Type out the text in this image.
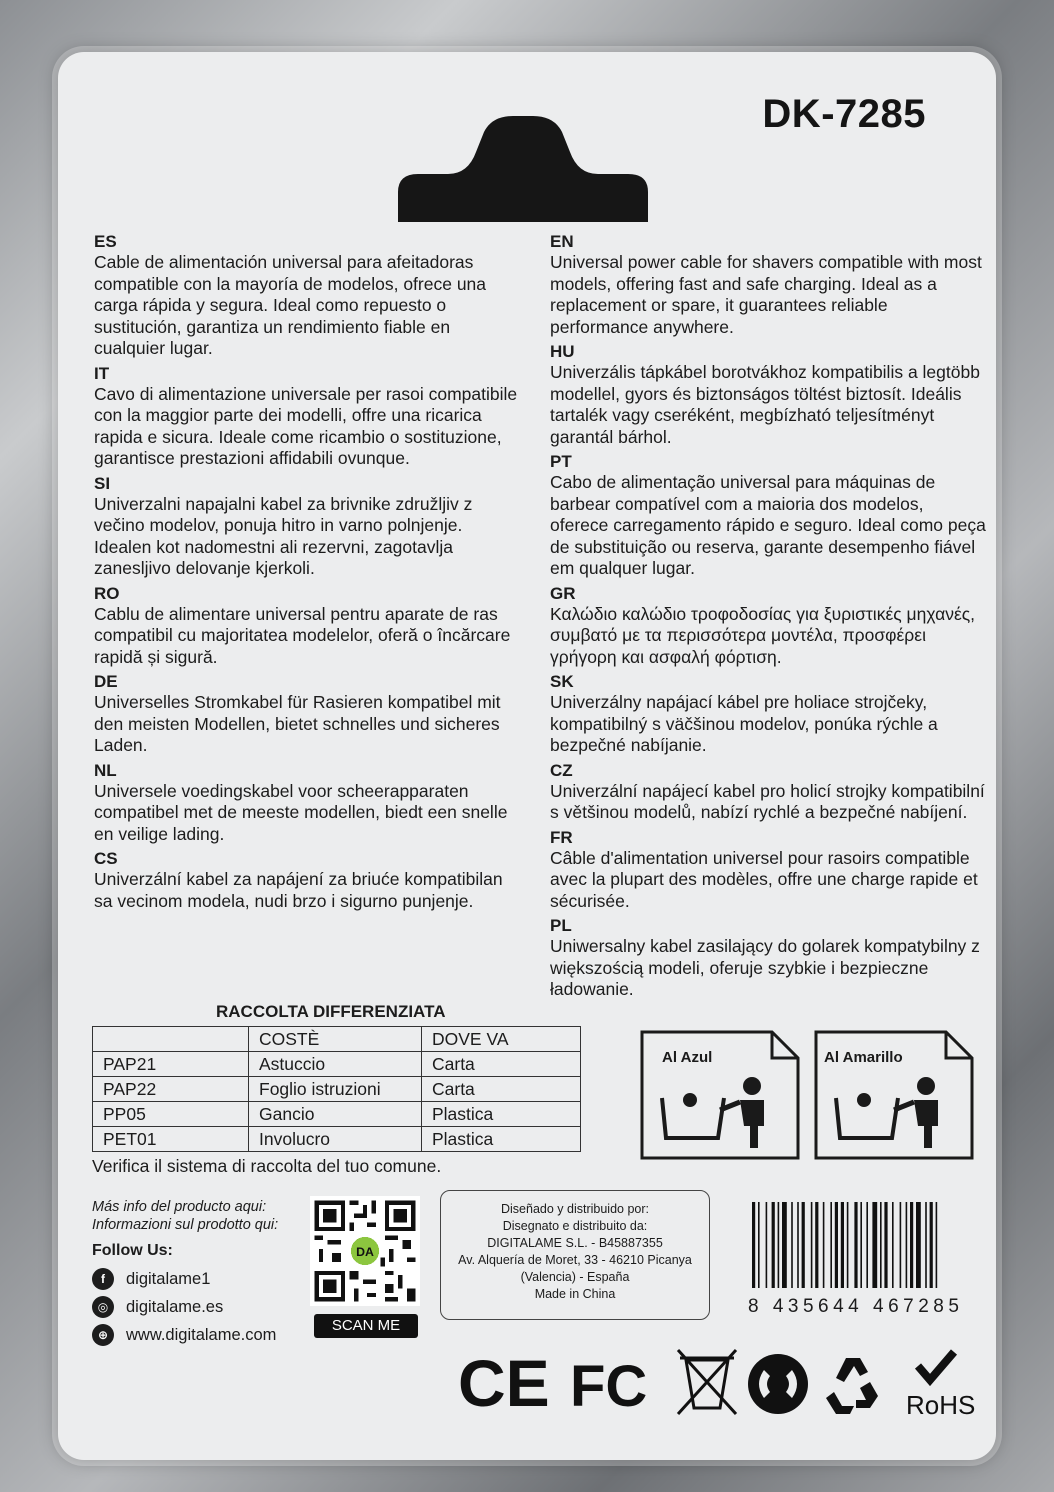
DK-7285
ES
Cable de alimentación universal para afeitadoras compatible con la mayoría de modelos, ofrece una carga rápida y segura. Ideal como repuesto o sustitución, garantiza un rendimiento fiable en cualquier lugar.
IT
Cavo di alimentazione universale per rasoi compatibile con la maggior parte dei modelli, offre una ricarica rapida e sicura. Ideale come ricambio o sostituzione, garantisce prestazioni affidabili ovunque.
SI
Univerzalni napajalni kabel za brivnike združljiv z večino modelov, ponuja hitro in varno polnjenje. Idealen kot nadomestni ali rezervni, zagotavlja zanesljivo delovanje kjerkoli.
RO
Cablu de alimentare universal pentru aparate de ras compatibil cu majoritatea modelelor, oferă o încărcare rapidă și sigură.
DE
Universelles Stromkabel für Rasieren kompatibel mit den meisten Modellen, bietet schnelles und sicheres Laden.
NL
Universele voedingskabel voor scheerapparaten compatibel met de meeste modellen, biedt een snelle en veilige lading.
CS
Univerzální kabel za napájení za briućе kompatibilan sa vecinom modela, nudi brzo i sigurno punjenje.
EN
Universal power cable for shavers compatible with most models, offering fast and safe charging. Ideal as a replacement or spare, it guarantees reliable performance anywhere.
HU
Univerzális tápkábel borotvákhoz kompatibilis a legtöbb modellel, gyors és biztonságos töltést biztosít. Ideális tartalék vagy cseréként, megbízható teljesítményt garantál bárhol.
PT
Cabo de alimentação universal para máquinas de barbear compatível com a maioria dos modelos, oferece carregamento rápido e seguro. Ideal como peça de substituição ou reserva, garante desempenho fiável em qualquer lugar.
GR
Καλώδιο καλώδιο τροφοδοσίας για ξυριστικές μηχανές, συμβατό με τα περισσότερα μοντέλα, προσφέρει γρήγορη και ασφαλή φόρτιση.
SK
Univerzálny napájací kábel pre holiace strojčeky, kompatibilný s väčšinou modelov, ponúka rýchle a bezpečné nabíjanie.
CZ
Univerzální napájecí kabel pro holicí strojky kompatibilní s většinou modelů, nabízí rychlé a bezpečné nabíjení.
FR
Câble d'alimentation universel pour rasoirs compatible avec la plupart des modèles, offre une charge rapide et sécurisée.
PL
Uniwersalny kabel zasilający do golarek kompatybilny z większością modeli, oferuje szybkie i bezpieczne ładowanie.
RACCOLTA DIFFERENZIATA
	COSTÈ	DOVE VA
PAP21	Astuccio	Carta
PAP22	Foglio istruzioni	Carta
PP05	Gancio	Plastica
PET01	Involucro	Plastica
Verifica il sistema di raccolta del tuo comune.
Al Azul	Al Amarillo
Más info del producto aqui:
Informazioni sul prodotto qui:
Follow Us:
f	digitalame1
◎	digitalame.es
⊕	www.digitalame.com
DA
SCAN ME
Diseñado y distribuido por:
Disegnato e distribuito da:
DIGITALAME S.L. - B45887355
Av. Alquería de Moret, 33 - 46210 Picanya
(Valencia) - España
Made in China
8 435644 467285
CE FC	RoHS
